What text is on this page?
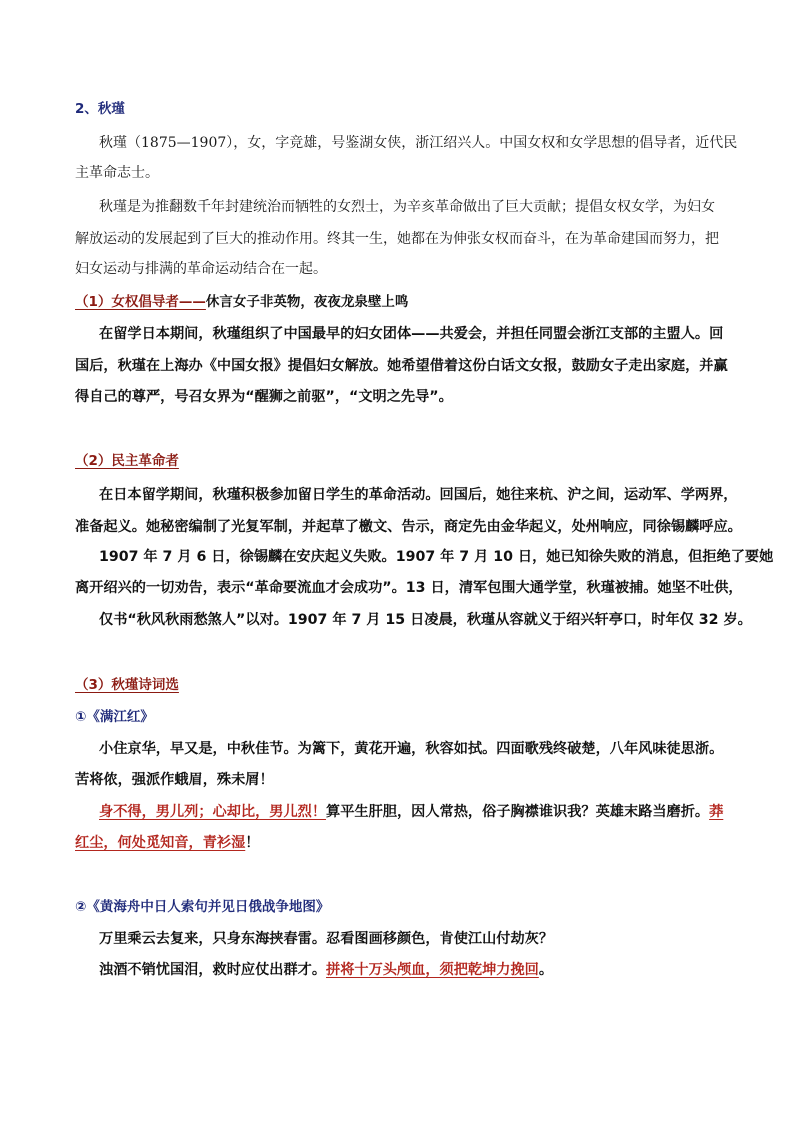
2、秋瑾
秋瑾（1875—1907），女，字竞雄，号鉴湖女侠，浙江绍兴人。中国女权和女学思想的倡导者，近代民
主革命志士。
秋瑾是为推翻数千年封建统治而牺牲的女烈士，为辛亥革命做出了巨大贡献；提倡女权女学，为妇女
解放运动的发展起到了巨大的推动作用。终其一生，她都在为伸张女权而奋斗，在为革命建国而努力，把
妇女运动与排满的革命运动结合在一起。
（1）女权倡导者——休言女子非英物，夜夜龙泉壁上鸣
在留学日本期间，秋瑾组织了中国最早的妇女团体——共爱会，并担任同盟会浙江支部的主盟人。回
国后，秋瑾在上海办《中国女报》提倡妇女解放。她希望借着这份白话文女报，鼓励女子走出家庭，并赢
得自己的尊严，号召女界为“醒狮之前驱”，“文明之先导”。
（2）民主革命者
在日本留学期间，秋瑾积极参加留日学生的革命活动。回国后，她往来杭、沪之间，运动军、学两界，
准备起义。她秘密编制了光复军制，并起草了檄文、告示，商定先由金华起义，处州响应，同徐锡麟呼应。
1907 年 7 月 6 日，徐锡麟在安庆起义失败。1907 年 7 月 10 日，她已知徐失败的消息，但拒绝了要她
离开绍兴的一切劝告，表示“革命要流血才会成功”。13 日，清军包围大通学堂，秋瑾被捕。她坚不吐供，
仅书“秋风秋雨愁煞人”以对。1907 年 7 月 15 日凌晨，秋瑾从容就义于绍兴轩亭口，时年仅 32 岁。
（3）秋瑾诗词选
①《满江红》
小住京华，早又是，中秋佳节。为篱下，黄花开遍，秋容如拭。四面歌残终破楚，八年风味徒思浙。
苦将侬，强派作蛾眉，殊未屑！
身不得，男儿列；心却比，男儿烈！算平生肝胆，因人常热，俗子胸襟谁识我？英雄末路当磨折。莽
红尘，何处觅知音，青衫湿！
②《黄海舟中日人索句并见日俄战争地图》
万里乘云去复来，只身东海挟春雷。忍看图画移颜色，肯使江山付劫灰？
浊酒不销忧国泪，救时应仗出群才。拼将十万头颅血，须把乾坤力挽回。
